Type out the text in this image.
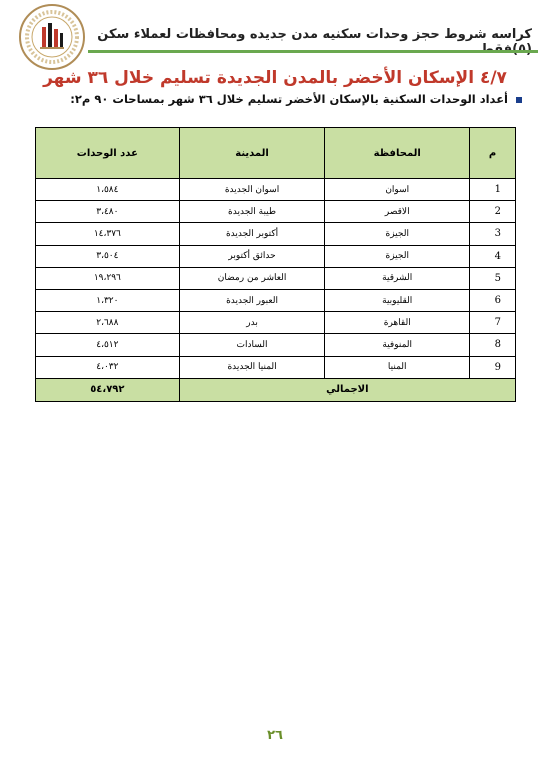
كراسه شروط حجز وحدات سكنيه مدن جديده ومحافظات لعملاء سكن
٤/٧ الإسكان الأخضر بالمدن الجديدة تسليم خلال ٣٦ شهر
أعداد الوحدات السكنية بالإسكان الأخضر تسليم خلال ٣٦ شهر بمساحات ٩٠ م٢:
م	المحافظة	المدينة	عدد الوحدات
1	اسوان	اسوان الجديدة	١،٥٨٤
2	الاقصر	طيبة الجديدة	٣،٤٨٠
3	الجيزة	أكتوبر الجديدة	١٤،٣٧٦
4	الجيزة	حدائق أكتوبر	٣،٥٠٤
5	الشرقية	العاشر من رمضان	١٩،٢٩٦
6	القليوبية	العبور الجديدة	١،٣٢٠
7	القاهرة	بدر	٢،٦٨٨
8	المنوفية	السادات	٤،٥١٢
9	المنيا	المنيا الجديدة	٤،٠٣٢
الاجمالي			٥٤،٧٩٢
٢٦
